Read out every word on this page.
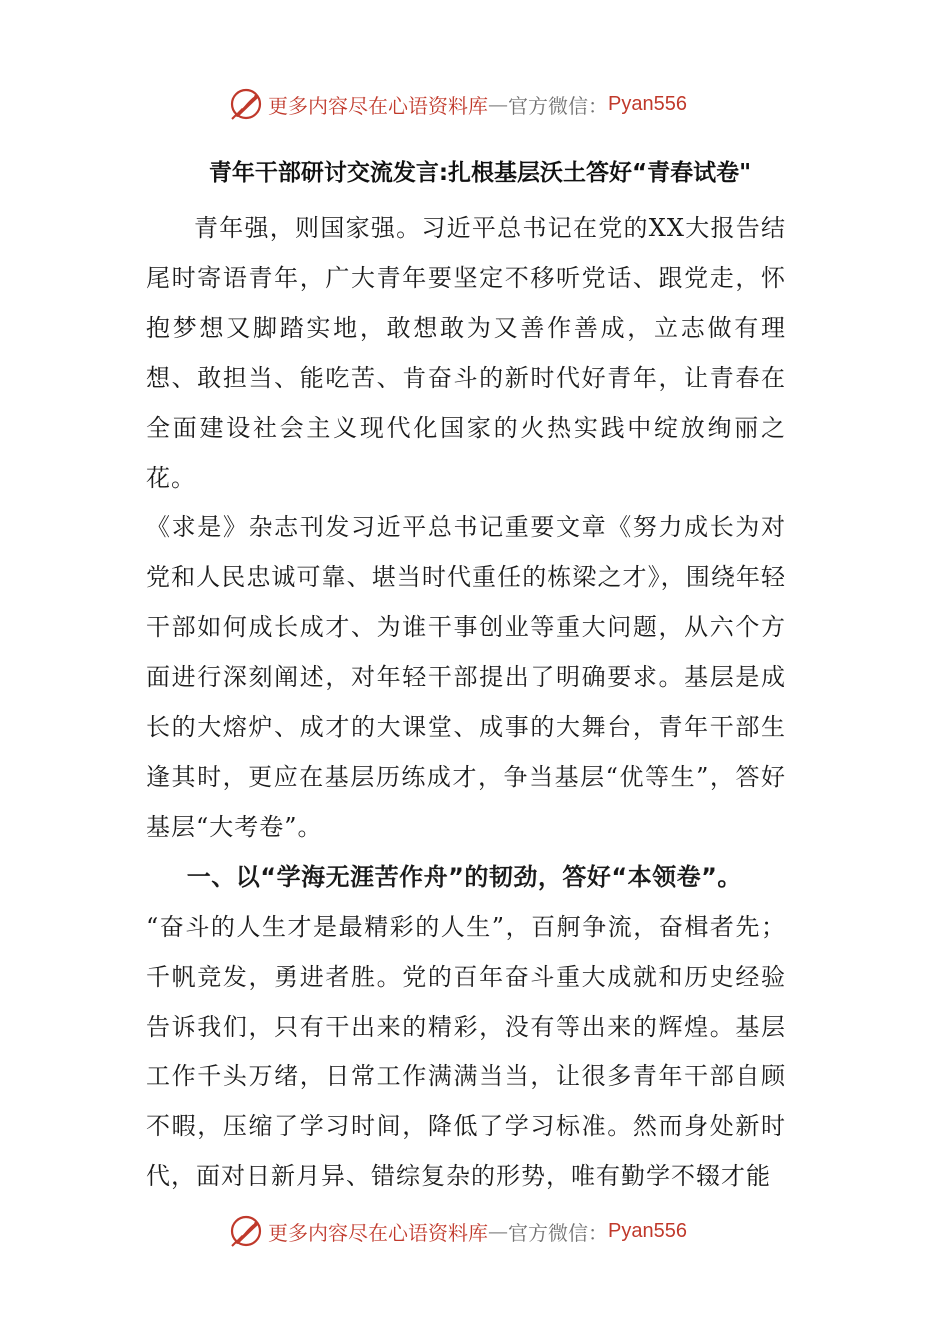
更多内容尽在心语资料库 — 官方微信： Pyan556
青年干部研讨交流发言:扎根基层沃土答好“青春试卷"

青年强，则国家强。习近平总书记在党的XX大报告结尾时寄语青年，广大青年要坚定不移听党话、跟党走，怀抱梦想又脚踏实地，敢想敢为又善作善成，立志做有理想、敢担当、能吃苦、肯奋斗的新时代好青年，让青春在全面建设社会主义现代化国家的火热实践中绽放绚丽之花。

《求是》杂志刊发习近平总书记重要文章《努力成长为对党和人民忠诚可靠、堪当时代重任的栋梁之才》，围绕年轻干部如何成长成才、为谁干事创业等重大问题，从六个方面进行深刻阐述，对年轻干部提出了明确要求。基层是成长的大熔炉、成才的大课堂、成事的大舞台，青年干部生逢其时，更应在基层历练成才，争当基层“优等生”，答好基层“大考卷”。

一、以“学海无涯苦作舟”的韧劲，答好“本领卷”。

“奋斗的人生才是最精彩的人生”，百舸争流，奋楫者先；千帆竞发，勇进者胜。党的百年奋斗重大成就和历史经验告诉我们，只有干出来的精彩，没有等出来的辉煌。基层工作千头万绪，日常工作满满当当，让很多青年干部自顾不暇，压缩了学习时间，降低了学习标准。然而身处新时代，面对日新月异、错综复杂的形势，唯有勤学不辍才能

更多内容尽在心语资料库 — 官方微信： Pyan556
